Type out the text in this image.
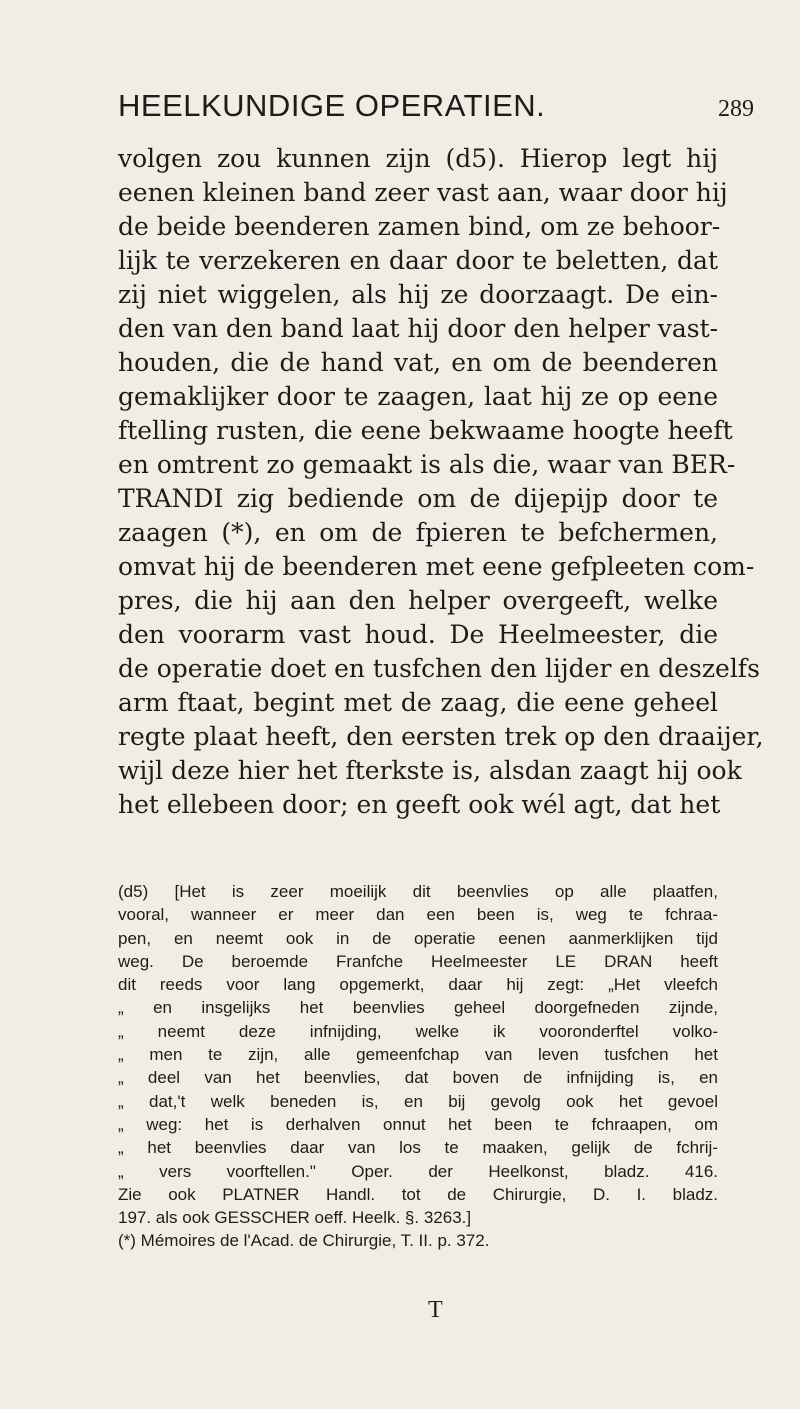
HEELKUNDIGE OPERATIEN.	289
volgen zou kunnen zijn (d5). Hierop legt hij
eenen kleinen band zeer vast aan, waar door hij
de beide beenderen zamen bind, om ze behoor-
lijk te verzekeren en daar door te beletten, dat
zij niet wiggelen, als hij ze doorzaagt. De ein-
den van den band laat hij door den helper vast-
houden, die de hand vat, en om de beenderen
gemaklijker door te zaagen, laat hij ze op eene
ftelling rusten, die eene bekwaame hoogte heeft
en omtrent zo gemaakt is als die, waar van BER-
TRANDI zig bediende om de dijepijp door te
zaagen (*), en om de fpieren te befchermen,
omvat hij de beenderen met eene gefpleeten com-
pres, die hij aan den helper overgeeft, welke
den voorarm vast houd. De Heelmeester, die
de operatie doet en tusfchen den lijder en deszelfs
arm ftaat, begint met de zaag, die eene geheel
regte plaat heeft, den eersten trek op den draaijer,
wijl deze hier het fterkste is, alsdan zaagt hij ook
het ellebeen door; en geeft ook wél agt, dat het
(d5) [Het is zeer moeilijk dit beenvlies op alle plaatfen,
vooral, wanneer er meer dan een been is, weg te fchraa-
pen, en neemt ook in de operatie eenen aanmerklijken tijd
weg. De beroemde Franfche Heelmeester LE DRAN heeft
dit reeds voor lang opgemerkt, daar hij zegt: „Het vleefch
„ en insgelijks het beenvlies geheel doorgefneden zijnde,
„ neemt deze infnijding, welke ik vooronderftel volko-
„ men te zijn, alle gemeenfchap van leven tusfchen het
„ deel van het beenvlies, dat boven de infnijding is, en
„ dat,'t welk beneden is, en bij gevolg ook het gevoel
„ weg: het is derhalven onnut het been te fchraapen, om
„ het beenvlies daar van los te maaken, gelijk de fchrij-
„ vers voorftellen." Oper. der Heelkonst, bladz. 416.
Zie ook PLATNER Handl. tot de Chirurgie, D. I. bladz.
197. als ook GESSCHER oeff. Heelk. §. 3263.]
(*) Mémoires de l'Acad. de Chirurgie, T. II. p. 372.
T
